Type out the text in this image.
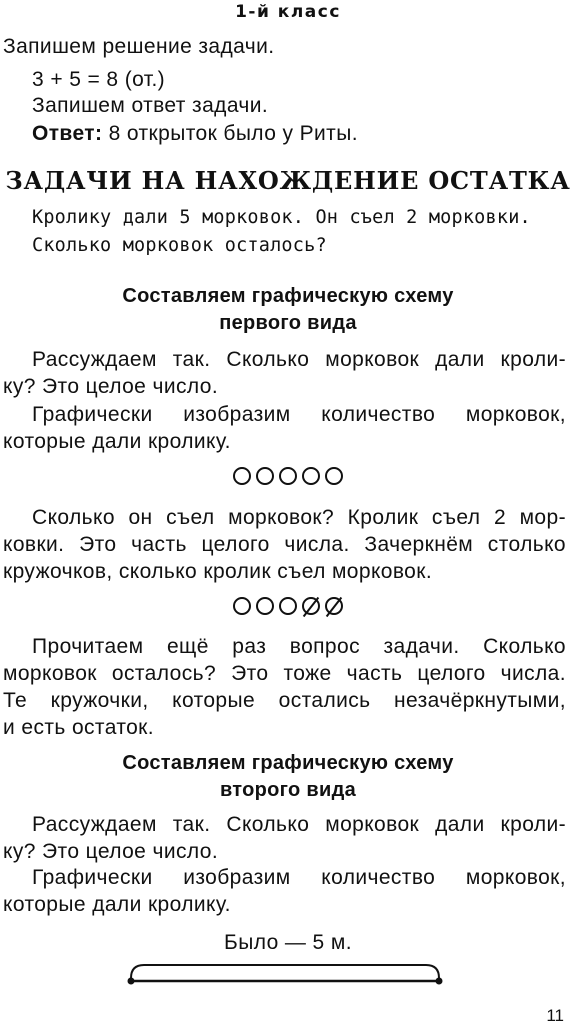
1-й класс
Запишем решение задачи.
3 + 5 = 8 (от.)
Запишем ответ задачи.
Ответ: 8 открыток было у Риты.
ЗАДАЧИ НА НАХОЖДЕНИЕ ОСТАТКА
Кролику дали 5 морковок. Он съел 2 морковки.
Сколько морковок осталось?
Составляем графическую схему
первого вида
Рассуждаем так. Сколько морковок дали кроли-
ку? Это целое число.
Графически изобразим количество морковок,
которые дали кролику.
Сколько он съел морковок? Кролик съел 2 мор-
ковки. Это часть целого числа. Зачеркнём столько
кружочков, сколько кролик съел морковок.
Прочитаем ещё раз вопрос задачи. Сколько
морковок осталось? Это тоже часть целого числа.
Те кружочки, которые остались незачёркнутыми,
и есть остаток.
Составляем графическую схему
второго вида
Рассуждаем так. Сколько морковок дали кроли-
ку? Это целое число.
Графически изобразим количество морковок,
которые дали кролику.
Было — 5 м.
11
